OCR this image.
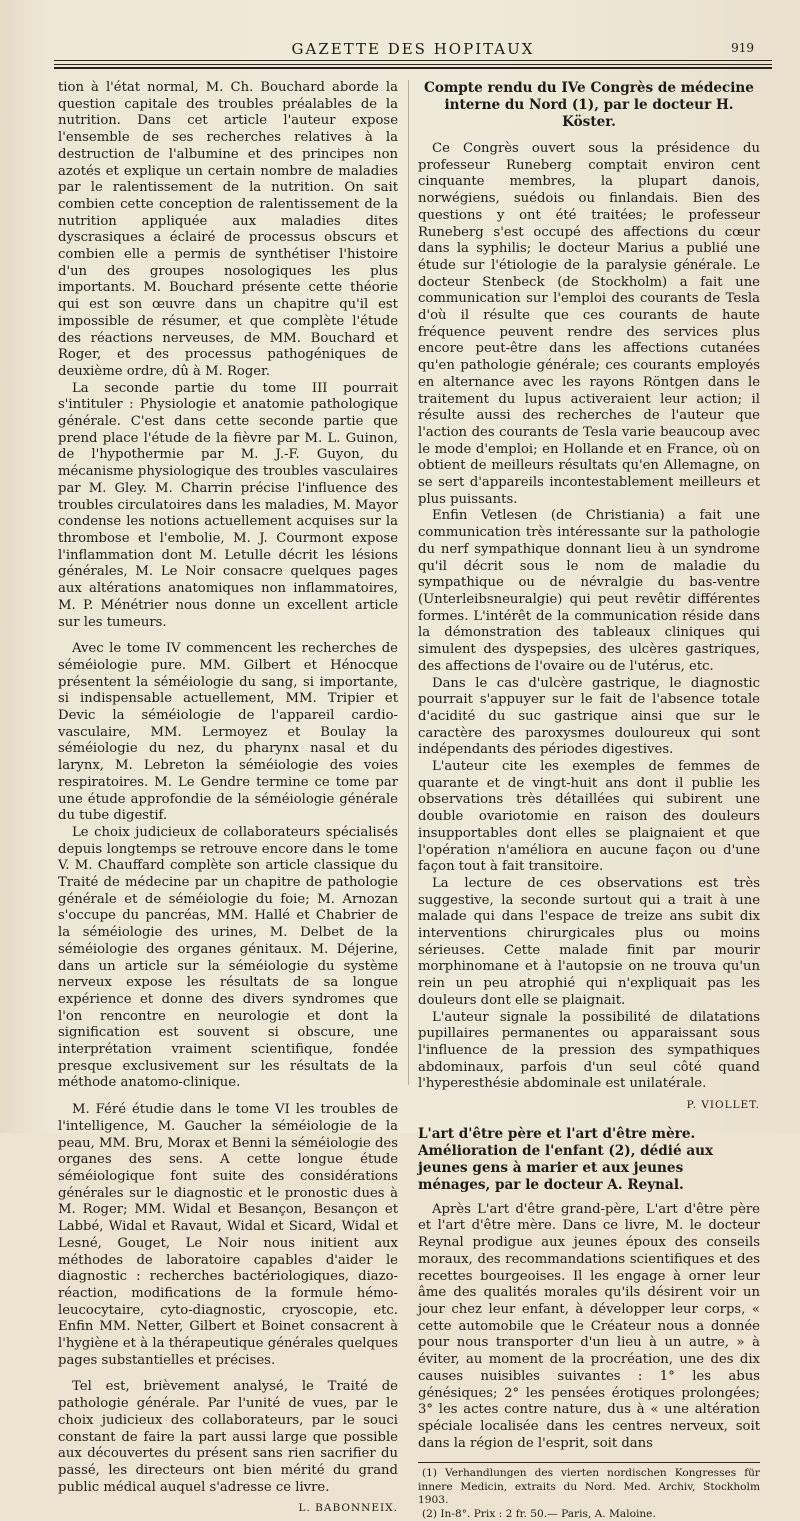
GAZETTE DES HOPITAUX	919

tion à l'état normal, M. Ch. Bouchard aborde la question capitale des troubles préalables de la nutrition. Dans cet article l'auteur expose l'ensemble de ses recherches relatives à la destruction de l'albumine et des principes non azotés et explique un certain nombre de maladies par le ralentissement de la nutrition. On sait combien cette conception de ralentissement de la nutrition appliquée aux maladies dites dyscrasiques a éclairé de processus obscurs et combien elle a permis de synthétiser l'histoire d'un des groupes nosologiques les plus importants. M. Bouchard présente cette théorie qui est son œuvre dans un chapitre qu'il est impossible de résumer, et que complète l'étude des réactions nerveuses, de MM. Bouchard et Roger, et des processus pathogéniques de deuxième ordre, dû à M. Roger.

La seconde partie du tome III pourrait s'intituler : Physiologie et anatomie pathologique générale. C'est dans cette seconde partie que prend place l'étude de la fièvre par M. L. Guinon, de l'hypothermie par M. J.-F. Guyon, du mécanisme physiologique des troubles vasculaires par M. Gley. M. Charrin précise l'influence des troubles circulatoires dans les maladies, M. Mayor condense les notions actuellement acquises sur la thrombose et l'embolie, M. J. Courmont expose l'inflammation dont M. Letulle décrit les lésions générales, M. Le Noir consacre quelques pages aux altérations anatomiques non inflammatoires, M. P. Ménétrier nous donne un excellent article sur les tumeurs.

Avec le tome IV commencent les recherches de séméiologie pure. MM. Gilbert et Hénocque présentent la séméiologie du sang, si importante, si indispensable actuellement, MM. Tripier et Devic la séméiologie de l'appareil cardio-vasculaire, MM. Lermoyez et Boulay la séméiologie du nez, du pharynx nasal et du larynx, M. Lebreton la séméiologie des voies respiratoires. M. Le Gendre termine ce tome par une étude approfondie de la séméiologie générale du tube digestif.

Le choix judicieux de collaborateurs spécialisés depuis longtemps se retrouve encore dans le tome V. M. Chauffard complète son article classique du Traité de médecine par un chapitre de pathologie générale et de séméiologie du foie; M. Arnozan s'occupe du pancréas, MM. Hallé et Chabrier de la séméiologie des urines, M. Delbet de la séméiologie des organes génitaux. M. Déjerine, dans un article sur la séméiologie du système nerveux expose les résultats de sa longue expérience et donne des divers syndromes que l'on rencontre en neurologie et dont la signification est souvent si obscure, une interprétation vraiment scientifique, fondée presque exclusivement sur les résultats de la méthode anatomo-clinique.

M. Féré étudie dans le tome VI les troubles de l'intelligence, M. Gaucher la séméiologie de la peau, MM. Bru, Morax et Benni la séméiologie des organes des sens. A cette longue étude séméiologique font suite des considérations générales sur le diagnostic et le pronostic dues à M. Roger; MM. Widal et Besançon, Besançon et Labbé, Widal et Ravaut, Widal et Sicard, Widal et Lesné, Gouget, Le Noir nous initient aux méthodes de laboratoire capables d'aider le diagnostic : recherches bactériologiques, diazo-réaction, modifications de la formule hémo-leucocytaire, cyto-diagnostic, cryoscopie, etc. Enfin MM. Netter, Gilbert et Boinet consacrent à l'hygiène et à la thérapeutique générales quelques pages substantielles et précises.

Tel est, brièvement analysé, le Traité de pathologie générale. Par l'unité de vues, par le choix judicieux des collaborateurs, par le souci constant de faire la part aussi large que possible aux découvertes du présent sans rien sacrifier du passé, les directeurs ont bien mérité du grand public médical auquel s'adresse ce livre.

L. BABONNEIX.
Compte rendu du IVe Congrès de médecine interne du Nord (1), par le docteur H. Köster.

Ce Congrès ouvert sous la présidence du professeur Runeberg comptait environ cent cinquante membres, la plupart danois, norwégiens, suédois ou finlandais. Bien des questions y ont été traitées; le professeur Runeberg s'est occupé des affections du cœur dans la syphilis; le docteur Marius a publié une étude sur l'étiologie de la paralysie générale. Le docteur Stenbeck (de Stockholm) a fait une communication sur l'emploi des courants de Tesla d'où il résulte que ces courants de haute fréquence peuvent rendre des services plus encore peut-être dans les affections cutanées qu'en pathologie générale; ces courants employés en alternance avec les rayons Röntgen dans le traitement du lupus activeraient leur action; il résulte aussi des recherches de l'auteur que l'action des courants de Tesla varie beaucoup avec le mode d'emploi; en Hollande et en France, où on obtient de meilleurs résultats qu'en Allemagne, on se sert d'appareils incontestablement meilleurs et plus puissants.

Enfin Vetlesen (de Christiania) a fait une communication très intéressante sur la pathologie du nerf sympathique donnant lieu à un syndrome qu'il décrit sous le nom de maladie du sympathique ou de névralgie du bas-ventre (Unterleibsneuralgie) qui peut revêtir différentes formes. L'intérêt de la communication réside dans la démonstration des tableaux cliniques qui simulent des dyspepsies, des ulcères gastriques, des affections de l'ovaire ou de l'utérus, etc.

Dans le cas d'ulcère gastrique, le diagnostic pourrait s'appuyer sur le fait de l'absence totale d'acidité du suc gastrique ainsi que sur le caractère des paroxysmes douloureux qui sont indépendants des périodes digestives.

L'auteur cite les exemples de femmes de quarante et de vingt-huit ans dont il publie les observations très détaillées qui subirent une double ovariotomie en raison des douleurs insupportables dont elles se plaignaient et que l'opération n'améliora en aucune façon ou d'une façon tout à fait transitoire.

La lecture de ces observations est très suggestive, la seconde surtout qui a trait à une malade qui dans l'espace de treize ans subit dix interventions chirurgicales plus ou moins sérieuses. Cette malade finit par mourir morphinomane et à l'autopsie on ne trouva qu'un rein un peu atrophié qui n'expliquait pas les douleurs dont elle se plaignait.

L'auteur signale la possibilité de dilatations pupillaires permanentes ou apparaissant sous l'influence de la pression des sympathiques abdominaux, parfois d'un seul côté quand l'hyperesthésie abdominale est unilatérale.

P. VIOLLET.
L'art d'être père et l'art d'être mère. Amélioration de l'enfant (2), dédié aux jeunes gens à marier et aux jeunes ménages, par le docteur A. Reynal.

Après L'art d'être grand-père, L'art d'être père et l'art d'être mère. Dans ce livre, M. le docteur Reynal prodigue aux jeunes époux des conseils moraux, des recommandations scientifiques et des recettes bourgeoises. Il les engage à orner leur âme des qualités morales qu'ils désirent voir un jour chez leur enfant, à développer leur corps, « cette automobile que le Créateur nous a donnée pour nous transporter d'un lieu à un autre, » à éviter, au moment de la procréation, une des dix causes nuisibles suivantes : 1° les abus génésiques; 2° les pensées érotiques prolongées; 3° les actes contre nature, dus à « une altération spéciale localisée dans les centres nerveux, soit dans la région de l'esprit, soit dans

(1) Verhandlungen des vierten nordischen Kongresses für innere Medicin, extraits du Nord. Med. Archiv, Stockholm 1903.
(2) In-8°. Prix : 2 fr. 50.— Paris, A. Maloine.
